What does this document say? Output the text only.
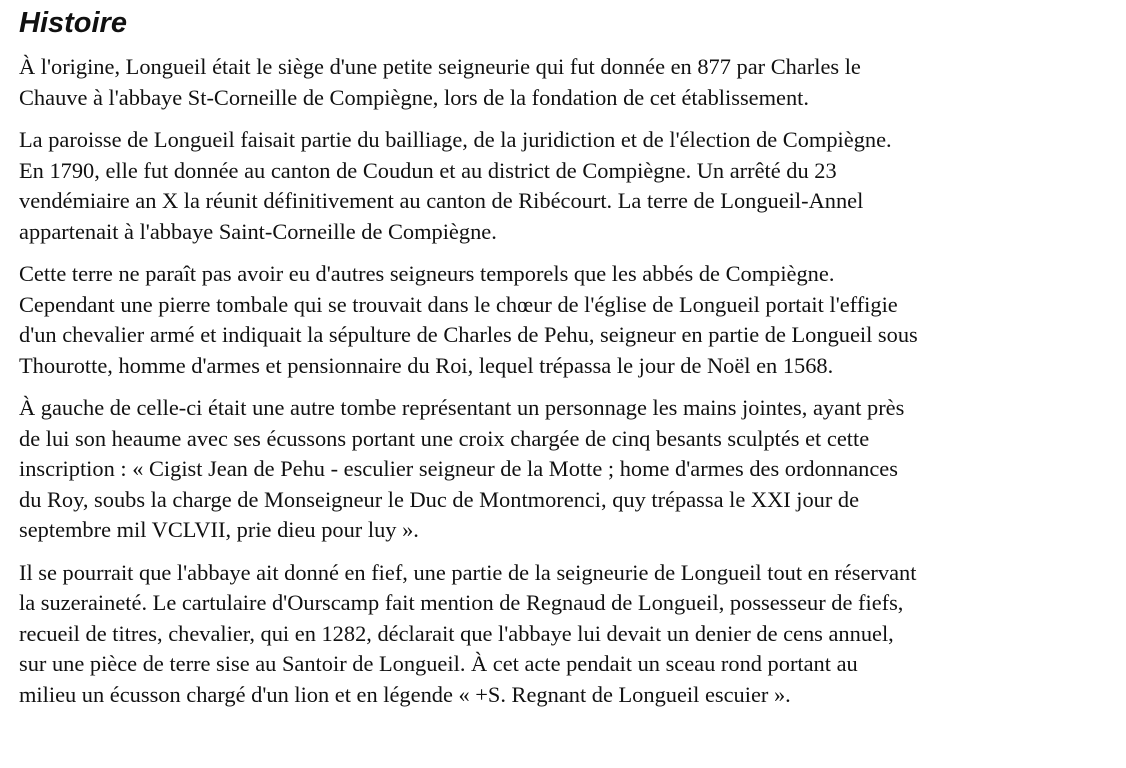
Histoire

À l'origine, Longueil était le siège d'une petite seigneurie qui fut donnée en 877 par Charles le
Chauve à l'abbaye St-Corneille de Compiègne, lors de la fondation de cet établissement.

La paroisse de Longueil faisait partie du bailliage, de la juridiction et de l'élection de Compiègne.
En 1790, elle fut donnée au canton de Coudun et au district de Compiègne. Un arrêté du 23
vendémiaire an X la réunit définitivement au canton de Ribécourt. La terre de Longueil-Annel
appartenait à l'abbaye Saint-Corneille de Compiègne.

Cette terre ne paraît pas avoir eu d'autres seigneurs temporels que les abbés de Compiègne.
Cependant une pierre tombale qui se trouvait dans le chœur de l'église de Longueil portait l'effigie
d'un chevalier armé et indiquait la sépulture de Charles de Pehu, seigneur en partie de Longueil sous
Thourotte, homme d'armes et pensionnaire du Roi, lequel trépassa le jour de Noël en 1568.

À gauche de celle-ci était une autre tombe représentant un personnage les mains jointes, ayant près
de lui son heaume avec ses écussons portant une croix chargée de cinq besants sculptés et cette
inscription : « Cigist Jean de Pehu - esculier seigneur de la Motte ; home d'armes des ordonnances
du Roy, soubs la charge de Monseigneur le Duc de Montmorenci, quy trépassa le XXI jour de
septembre mil VCLVII, prie dieu pour luy ».

Il se pourrait que l'abbaye ait donné en fief, une partie de la seigneurie de Longueil tout en réservant
la suzeraineté. Le cartulaire d'Ourscamp fait mention de Regnaud de Longueil, possesseur de fiefs,
recueil de titres, chevalier, qui en 1282, déclarait que l'abbaye lui devait un denier de cens annuel,
sur une pièce de terre sise au Santoir de Longueil. À cet acte pendait un sceau rond portant au
milieu un écusson chargé d'un lion et en légende « +S. Regnant de Longueil escuier ».
